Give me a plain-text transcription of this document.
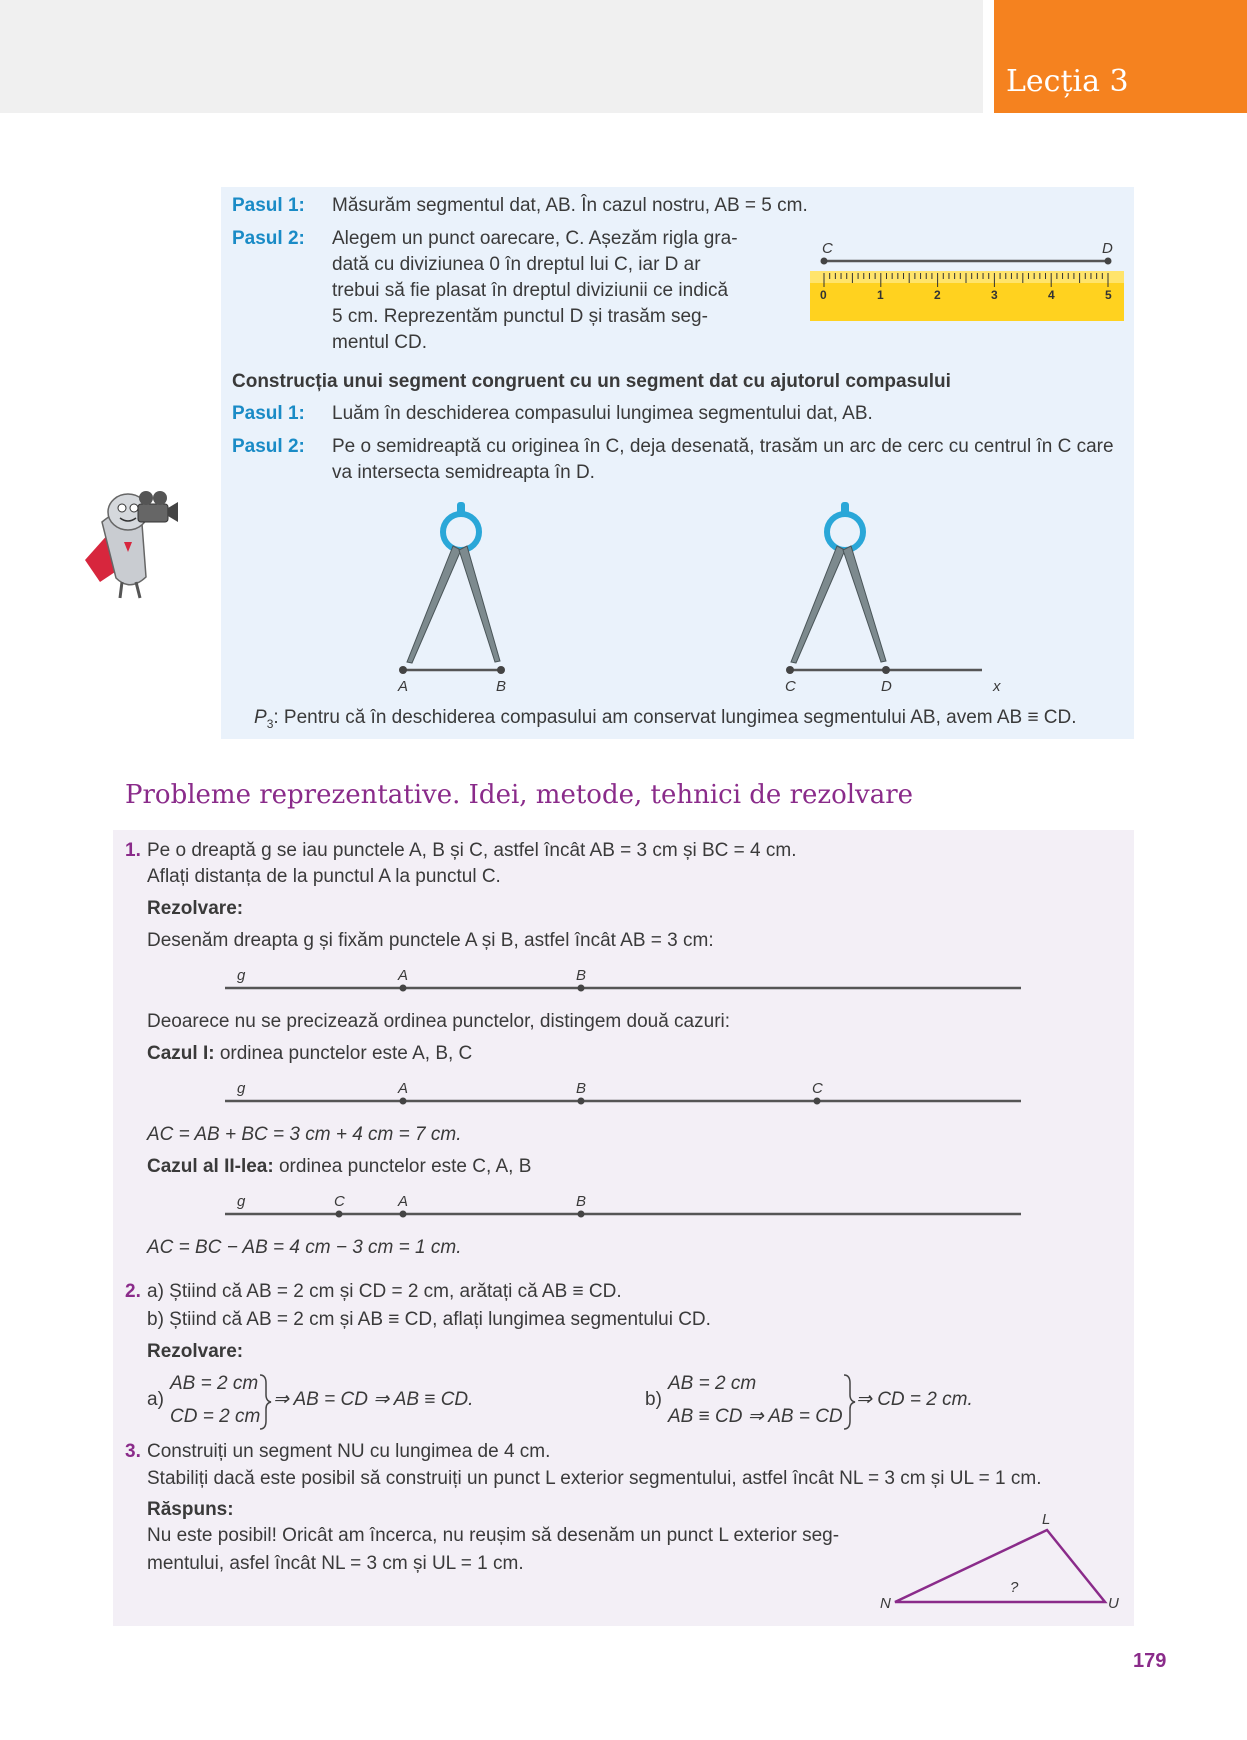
Lecția 3
Pasul 1: Măsurăm segmentul dat, AB. În cazul nostru, AB = 5 cm.
Pasul 2: Alegem un punct oarecare, C. Așezăm rigla gra-
dată cu diviziunea 0 în dreptul lui C, iar D ar
trebui să fie plasat în dreptul diviziunii ce indică
5 cm. Reprezentăm punctul D și trasăm seg-
mentul CD.
C	D
0	1	2	3	4	5
Construcția unui segment congruent cu un segment dat cu ajutorul compasului
Pasul 1: Luăm în deschiderea compasului lungimea segmentului dat, AB.
Pasul 2: Pe o semidreaptă cu originea în C, deja desenată, trasăm un arc de cerc cu centrul în C care
va intersecta semidreapta în D.
A	B	C	D	x
$P_3$: Pentru că în deschiderea compasului am conservat lungimea segmentului AB, avem AB ≡ CD.
Probleme reprezentative. Idei, metode, tehnici de rezolvare
1. Pe o dreaptă g se iau punctele A, B și C, astfel încât AB = 3 cm și BC = 4 cm.
Aflați distanța de la punctul A la punctul C.
Rezolvare:
Desenăm dreapta g și fixăm punctele A și B, astfel încât AB = 3 cm:
g	A	B
Deoarece nu se precizează ordinea punctelor, distingem două cazuri:
Cazul I: ordinea punctelor este A, B, C
g	A	B	C
AC = AB + BC = 3 cm + 4 cm = 7 cm.
Cazul al II-lea: ordinea punctelor este C, A, B
g	C	A	B
AC = BC − AB = 4 cm − 3 cm = 1 cm.
2. a) Știind că AB = 2 cm și CD = 2 cm, arătați că AB ≡ CD.
b) Știind că AB = 2 cm și AB ≡ CD, aflați lungimea segmentului CD.
Rezolvare:
a)
AB = 2 cm
CD = 2 cm
⇒ AB = CD ⇒ AB ≡ CD.	b)
AB = 2 cm
AB ≡ CD ⇒ AB = CD
⇒ CD = 2 cm.
3. Construiți un segment NU cu lungimea de 4 cm.
Stabiliți dacă este posibil să construiți un punct L exterior segmentului, astfel încât NL = 3 cm și UL = 1 cm.
Răspuns:
Nu este posibil! Oricât am încerca, nu reușim să desenăm un punct L exterior seg-
mentului, asfel încât NL = 3 cm și UL = 1 cm.
N	U
L
?
179
